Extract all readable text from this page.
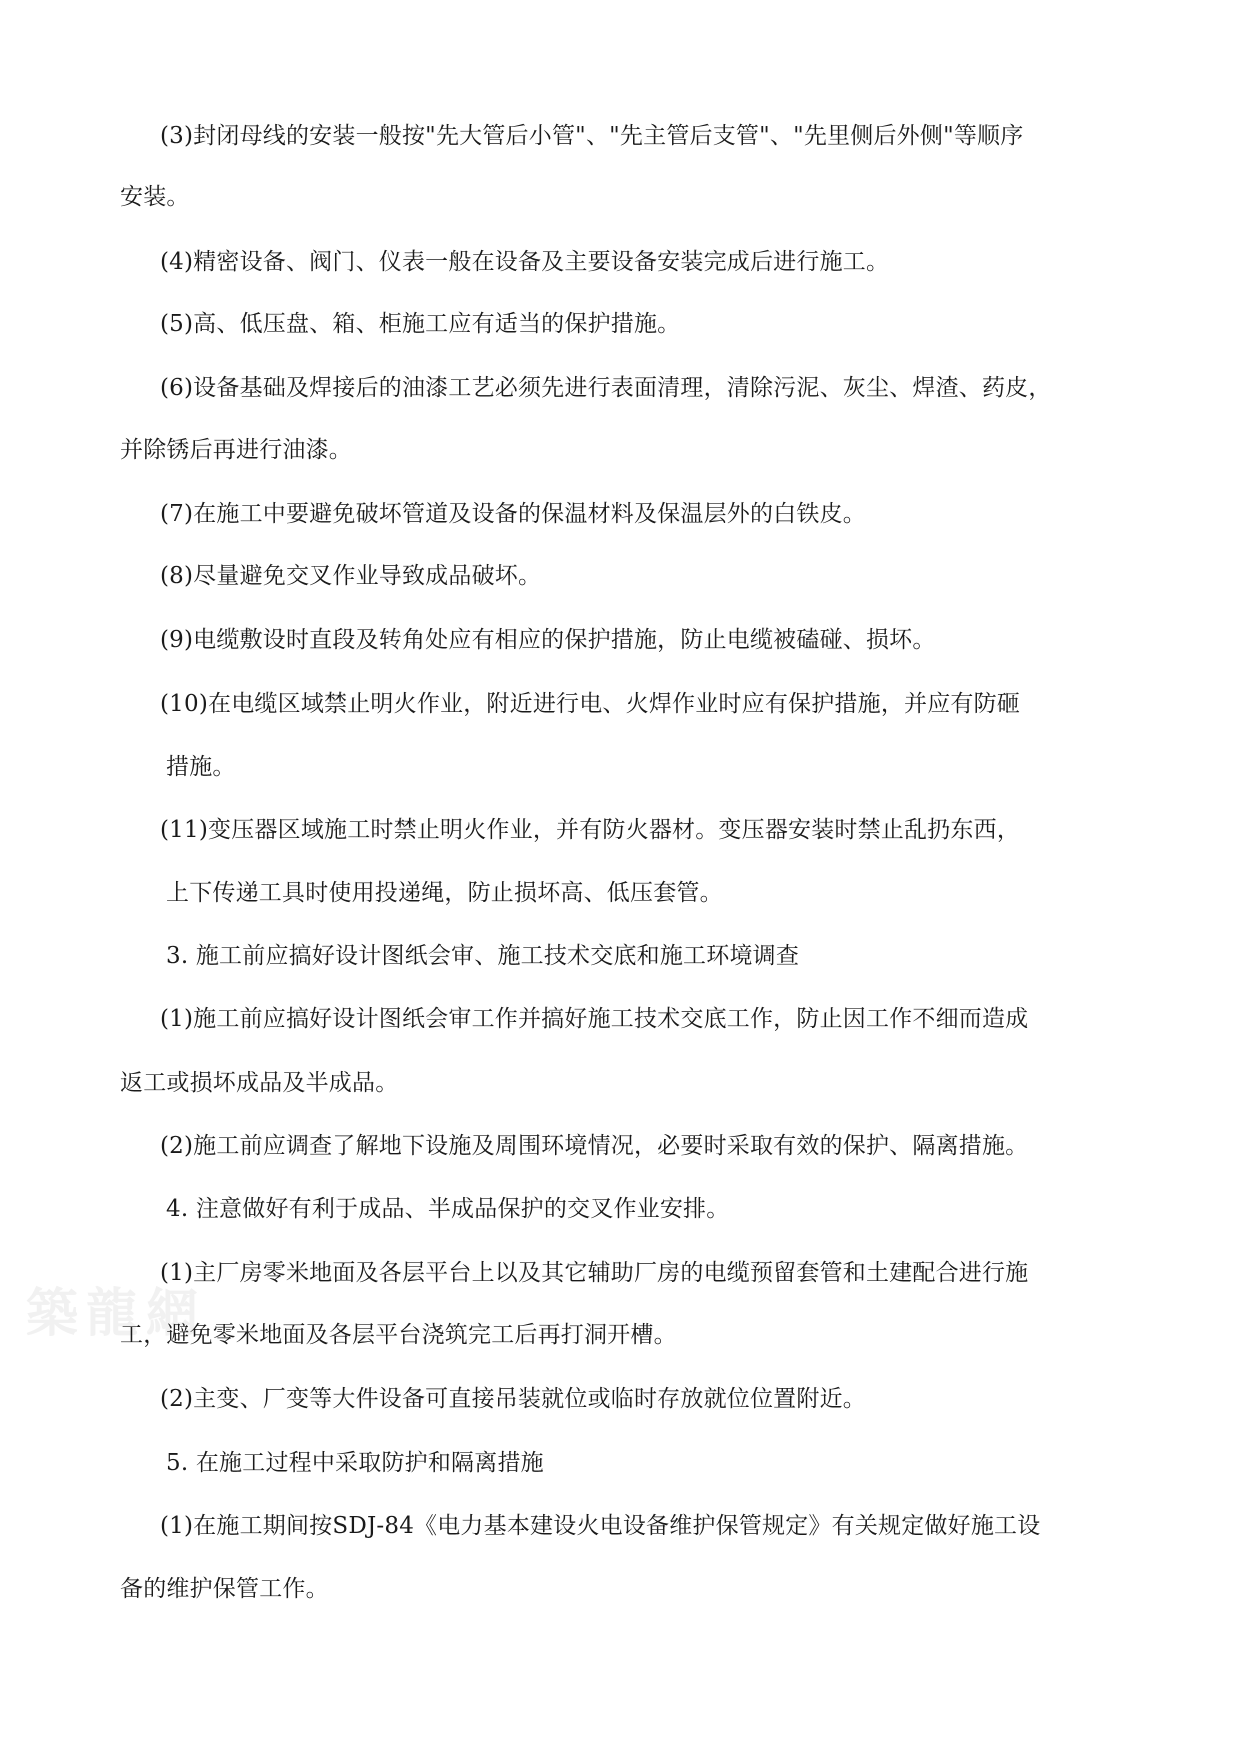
築龍網
(3)封闭母线的安装一般按"先大管后小管"、"先主管后支管"、"先里侧后外侧"等顺序
安装。
(4)精密设备、阀门、仪表一般在设备及主要设备安装完成后进行施工。
(5)高、低压盘、箱、柜施工应有适当的保护措施。
(6)设备基础及焊接后的油漆工艺必须先进行表面清理，清除污泥、灰尘、焊渣、药皮，
并除锈后再进行油漆。
(7)在施工中要避免破坏管道及设备的保温材料及保温层外的白铁皮。
(8)尽量避免交叉作业导致成品破坏。
(9)电缆敷设时直段及转角处应有相应的保护措施，防止电缆被磕碰、损坏。
(10)在电缆区域禁止明火作业，附近进行电、火焊作业时应有保护措施，并应有防砸
措施。
(11)变压器区域施工时禁止明火作业，并有防火器材。变压器安装时禁止乱扔东西，
上下传递工具时使用投递绳，防止损坏高、低压套管。
3. 施工前应搞好设计图纸会审、施工技术交底和施工环境调查
(1)施工前应搞好设计图纸会审工作并搞好施工技术交底工作，防止因工作不细而造成
返工或损坏成品及半成品。
(2)施工前应调查了解地下设施及周围环境情况，必要时采取有效的保护、隔离措施。
4. 注意做好有利于成品、半成品保护的交叉作业安排。
(1)主厂房零米地面及各层平台上以及其它辅助厂房的电缆预留套管和土建配合进行施
工，避免零米地面及各层平台浇筑完工后再打洞开槽。
(2)主变、厂变等大件设备可直接吊装就位或临时存放就位位置附近。
5. 在施工过程中采取防护和隔离措施
(1)在施工期间按SDJ-84《电力基本建设火电设备维护保管规定》有关规定做好施工设
备的维护保管工作。
